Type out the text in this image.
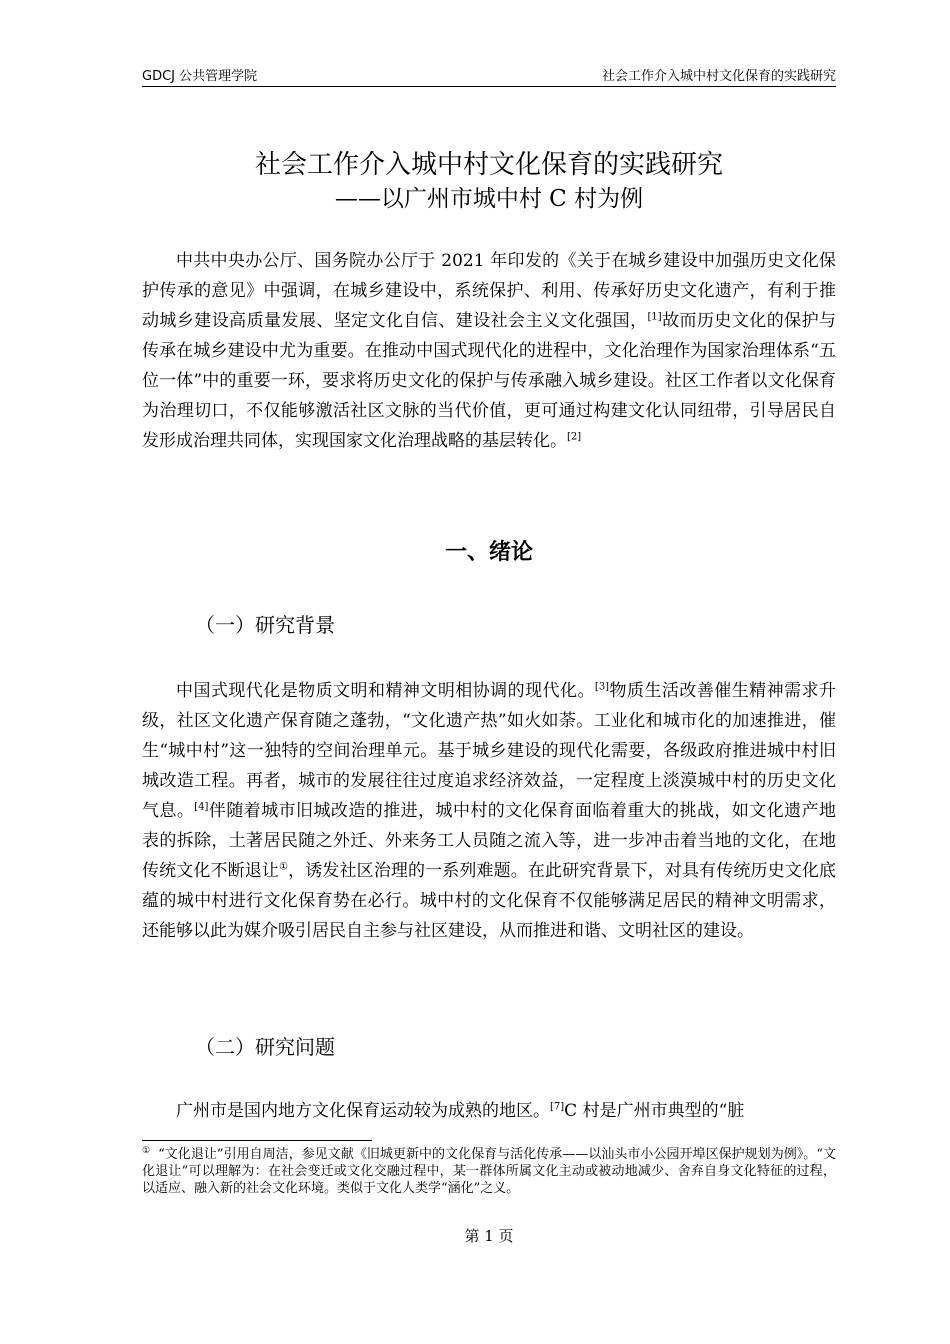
GDCJ 公共管理学院	社会工作介入城中村文化保育的实践研究
社会工作介入城中村文化保育的实践研究
——以广州市城中村 C 村为例

中共中央办公厅、国务院办公厅于 2021 年印发的《关于在城乡建设中加强历史文化保护传承的意见》中强调，在城乡建设中，系统保护、利用、传承好历史文化遗产，有利于推动城乡建设高质量发展、坚定文化自信、建设社会主义文化强国，[1]故而历史文化的保护与传承在城乡建设中尤为重要。在推动中国式现代化的进程中，文化治理作为国家治理体系“五位一体”中的重要一环，要求将历史文化的保护与传承融入城乡建设。社区工作者以文化保育为治理切口，不仅能够激活社区文脉的当代价值，更可通过构建文化认同纽带，引导居民自发形成治理共同体，实现国家文化治理战略的基层转化。[2]

一、绪论
（一）研究背景

中国式现代化是物质文明和精神文明相协调的现代化。[3]物质生活改善催生精神需求升级，社区文化遗产保育随之蓬勃，“文化遗产热”如火如荼。工业化和城市化的加速推进，催生“城中村”这一独特的空间治理单元。基于城乡建设的现代化需要，各级政府推进城中村旧城改造工程。再者，城市的发展往往过度追求经济效益，一定程度上淡漠城中村的历史文化气息。[4]伴随着城市旧城改造的推进，城中村的文化保育面临着重大的挑战，如文化遗产地表的拆除，土著居民随之外迁、外来务工人员随之流入等，进一步冲击着当地的文化，在地传统文化不断退让①，诱发社区治理的一系列难题。在此研究背景下，对具有传统历史文化底蕴的城中村进行文化保育势在必行。城中村的文化保育不仅能够满足居民的精神文明需求，还能够以此为媒介吸引居民自主参与社区建设，从而推进和谐、文明社区的建设。

（二）研究问题

广州市是国内地方文化保育运动较为成熟的地区。[7]C 村是广州市典型的“脏

① “文化退让”引用自周洁，参见文献《旧城更新中的文化保育与活化传承——以汕头市小公园开埠区保护规划为例》。“文化退让”可以理解为：在社会变迁或文化交融过程中，某一群体所属文化主动或被动地减少、舍弃自身文化特征的过程，以适应、融入新的社会文化环境。类似于文化人类学“涵化”之义。

第 1 页
